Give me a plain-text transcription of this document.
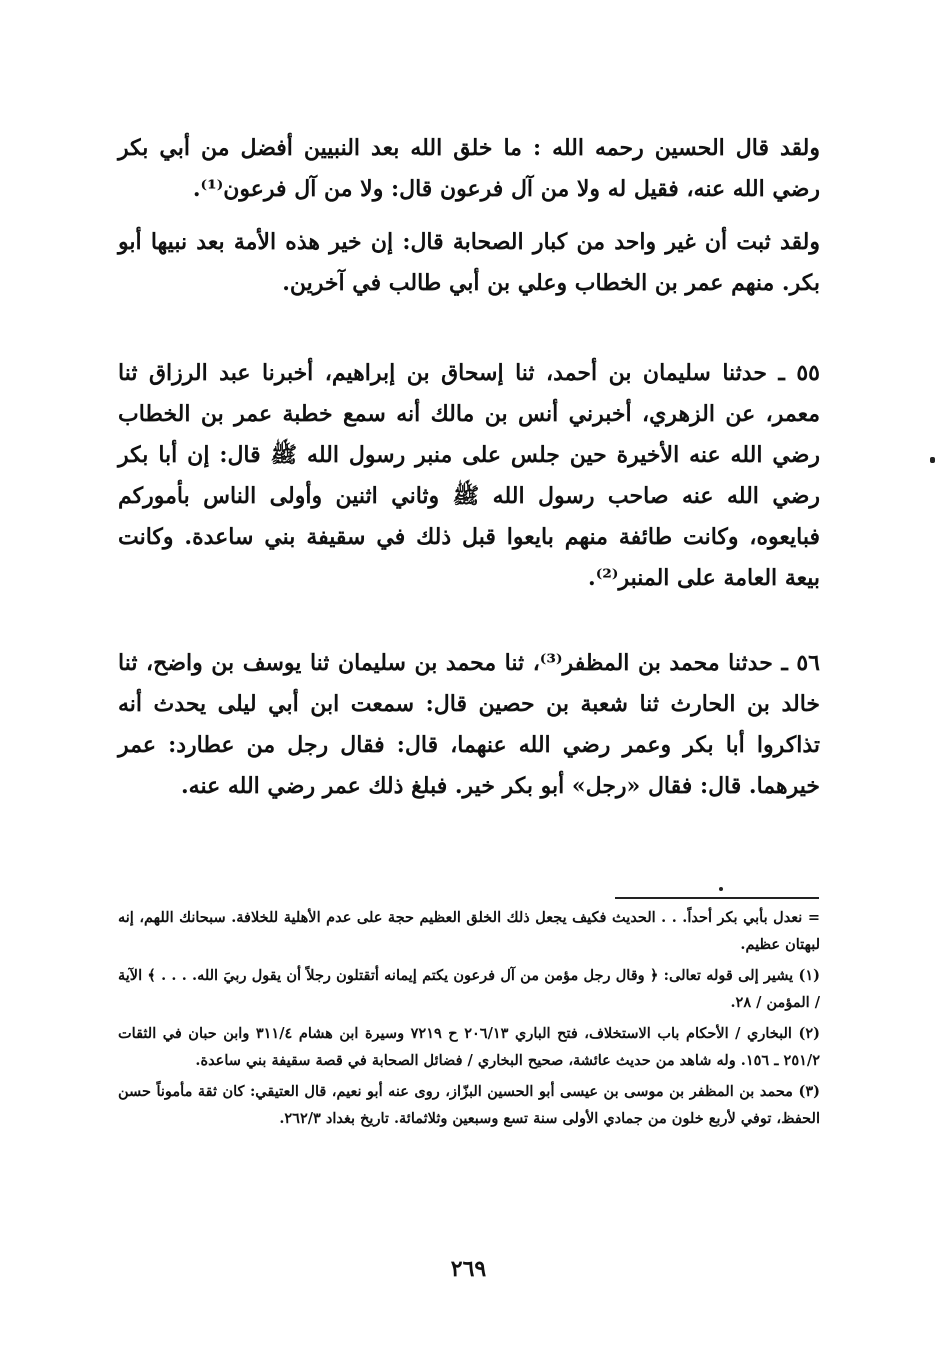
ولقد قال الحسين رحمه الله : ما خلق الله بعد النبيين أفضل من أبي بكر رضي الله عنه، فقيل له ولا من آل فرعون قال: ولا من آل فرعون⁽¹⁾.

ولقد ثبت أن غير واحد من كبار الصحابة قال: إن خير هذه الأمة بعد نبيها أبو بكر. منهم عمر بن الخطاب وعلي بن أبي طالب في آخرين.

٥٥ ـ حدثنا سليمان بن أحمد، ثنا إسحاق بن إبراهيم، أخبرنا عبد الرزاق ثنا معمر، عن الزهري، أخبرني أنس بن مالك أنه سمع خطبة عمر بن الخطاب رضي الله عنه الأخيرة حين جلس على منبر رسول الله ﷺ قال: إن أبا بكر رضي الله عنه صاحب رسول الله ﷺ وثاني اثنين وأولى الناس بأموركم فبايعوه، وكانت طائفة منهم بايعوا قبل ذلك في سقيفة بني ساعدة. وكانت بيعة العامة على المنبر⁽²⁾.

٥٦ ـ حدثنا محمد بن المظفر⁽³⁾، ثنا محمد بن سليمان ثنا يوسف بن واضح، ثنا خالد بن الحارث ثنا شعبة بن حصين قال: سمعت ابن أبي ليلى يحدث أنه تذاكروا أبا بكر وعمر رضي الله عنهما، قال: فقال رجل من عطارد: عمر خيرهما. قال: فقال «رجل» أبو بكر خير. فبلغ ذلك عمر رضي الله عنه.

= نعدل بأبي بكر أحداً. . . الحديث فكيف يجعل ذلك الخلق العظيم حجة على عدم الأهلية للخلافة. سبحانك اللهم، إنه لبهتان عظيم.

(١) يشير إلى قوله تعالى: ﴿ وقال رجل مؤمن من آل فرعون يكتم إيمانه أتقتلون رجلاً أن يقول ربيَ الله. . . . ﴾ الآية / المؤمن / ٢٨.

(٢) البخاري / الأحكام باب الاستخلاف، فتح الباري ٢٠٦/١٣ ح ٧٢١٩ وسيرة ابن هشام ٣١١/٤ وابن حبان في الثقات ٢٥١/٢ ـ ١٥٦. وله شاهد من حديث عائشة، صحيح البخاري / فضائل الصحابة في قصة سقيفة بني ساعدة.

(٣) محمد بن المظفر بن موسى بن عيسى أبو الحسين البزّاز، روى عنه أبو نعيم، قال العتيقي: كان ثقة مأموناً حسن الحفظ، توفي لأربع خلون من جمادي الأولى سنة تسع وسبعين وثلاثمائة. تاريخ بغداد ٢٦٢/٣.

٢٦٩
